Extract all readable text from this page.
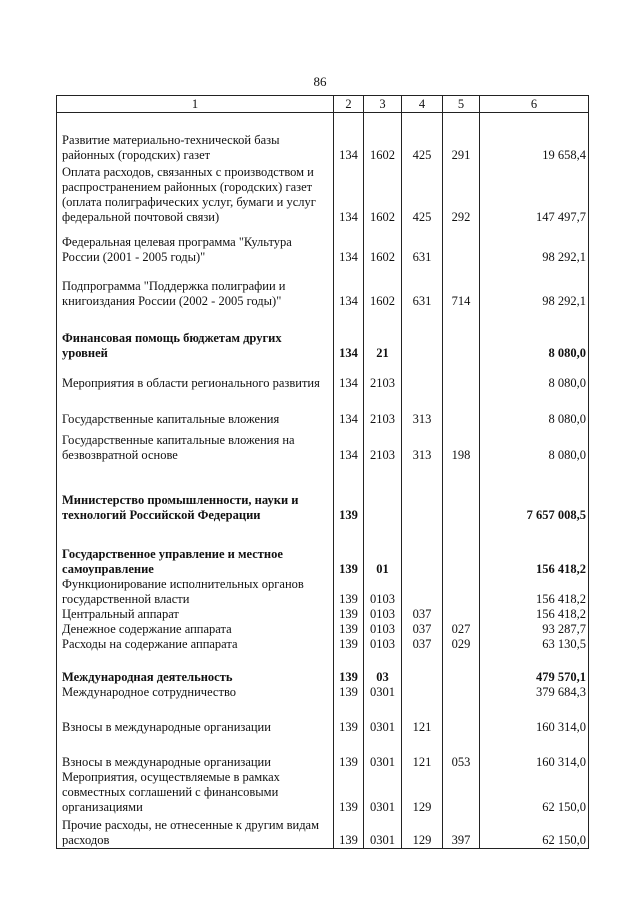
86
1	2	3	4	5	6
Развитие материально-технической базы районных (городских) газет	134	1602	425	291	19 658,4
Оплата расходов, связанных с производством и распространением районных (городских) газет (оплата полиграфических услуг, бумаги и услуг федеральной почтовой связи)	134	1602	425	292	147 497,7
Федеральная целевая программа "Культура России (2001 - 2005 годы)"	134	1602	631		98 292,1
Подпрограмма "Поддержка полиграфии и книгоиздания России (2002 - 2005 годы)"	134	1602	631	714	98 292,1
Финансовая помощь бюджетам других уровней	134	21			8 080,0
Мероприятия в области регионального развития	134	2103			8 080,0
Государственные капитальные вложения	134	2103	313		8 080,0
Государственные капитальные вложения на безвозвратной основе	134	2103	313	198	8 080,0
Министерство промышленности, науки и технологий Российской Федерации	139				7 657 008,5
Государственное управление и местное самоуправление	139	01			156 418,2
Функционирование исполнительных органов государственной власти	139	0103			156 418,2
Центральный аппарат	139	0103	037		156 418,2
Денежное содержание аппарата	139	0103	037	027	93 287,7
Расходы на содержание аппарата	139	0103	037	029	63 130,5
Международная деятельность	139	03			479 570,1
Международное сотрудничество	139	0301			379 684,3
Взносы в международные организации	139	0301	121		160 314,0
Взносы в международные организации	139	0301	121	053	160 314,0
Мероприятия, осуществляемые в рамках совместных соглашений с финансовыми организациями	139	0301	129		62 150,0
Прочие расходы, не отнесенные к другим видам расходов	139	0301	129	397	62 150,0
